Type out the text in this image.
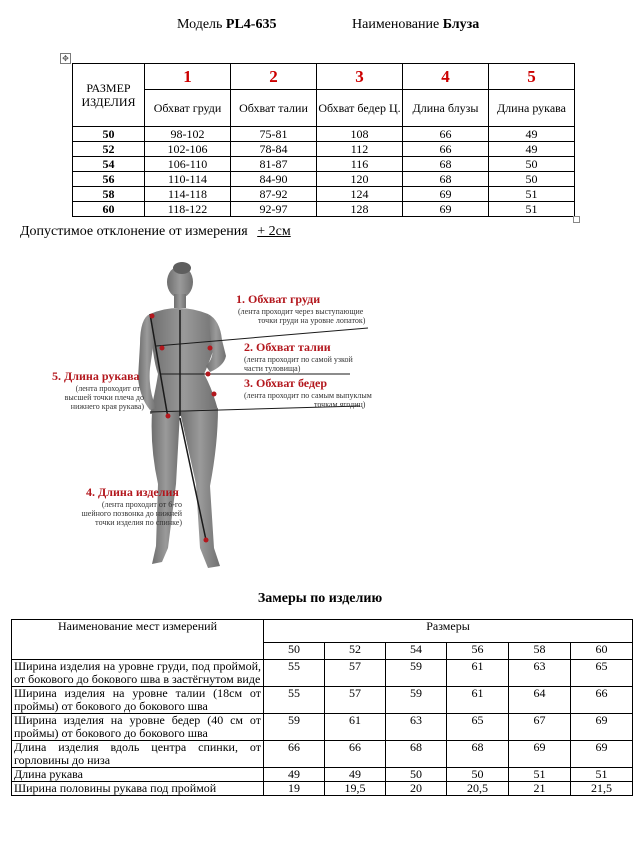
Модель PL4-635	Наименование Блуза
✥
РАЗМЕР ИЗДЕЛИЯ	1	2	3	4	5
	Обхват груди	Обхват талии	Обхват бедер Ц.	Длина блузы	Длина рукава
50	98-102	75-81	108	66	49
52	102-106	78-84	112	66	49
54	106-110	81-87	116	68	50
56	110-114	84-90	120	68	50
58	114-118	87-92	124	69	51
60	118-122	92-97	128	69	51
Допустимое отклонение от измерения + 2см
1. Обхват груди
(лента проходит через выступающие
точки груди на уровне лопаток)
2. Обхват талии
(лента проходит по самой узкой
части туловища)
3. Обхват бедер
(лента проходит по самым выпуклым
точкам ягодиц)
5. Длина рукава
(лента проходит от
высшей точки плеча до
нижнего края рукава)
4. Длина изделия
(лента проходит от 6-го
шейного позвонка до нижней
точки изделия по спинке)
Замеры по изделию
Наименование мест измерений	Размеры					
	50	52	54	56	58	60
Ширина изделия на уровне груди, под проймой, от бокового до бокового шва в застёгнутом виде	55	57	59	61	63	65
Ширина изделия на уровне талии (18см от проймы) от бокового до бокового шва	55	57	59	61	64	66
Ширина изделия на уровне бедер (40 см от проймы) от бокового до бокового шва	59	61	63	65	67	69
Длина изделия вдоль центра спинки, от горловины до низа	66	66	68	68	69	69
Длина рукава	49	49	50	50	51	51
Ширина половины рукава под проймой	19	19,5	20	20,5	21	21,5
